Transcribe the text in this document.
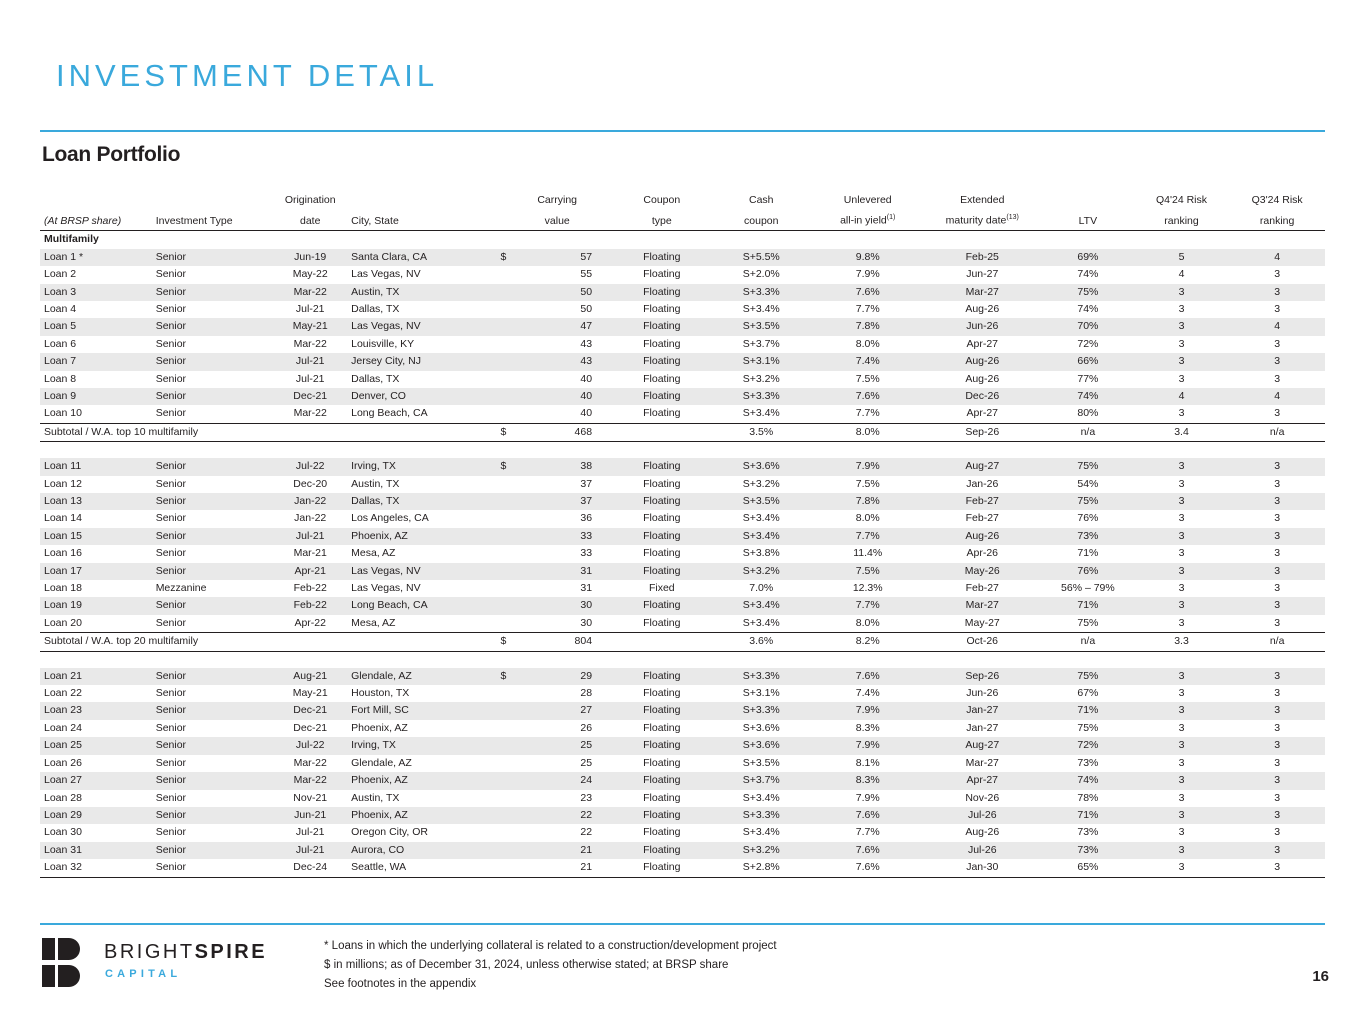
INVESTMENT DETAIL
Loan Portfolio
		Origination			Carrying	Coupon	Cash	Unlevered	Extended		Q4'24 Risk	Q3'24 Risk
(At BRSP share)	Investment Type	date	City, State		value	type	coupon	all-in yield$^{(1)}$	maturity date$^{(13)}$	LTV	ranking	ranking
Multifamily												
Loan 1 *	Senior	Jun-19	Santa Clara, CA	$	57	Floating	S+5.5%	9.8%	Feb-25	69%	5	4
Loan 2	Senior	May-22	Las Vegas, NV		55	Floating	S+2.0%	7.9%	Jun-27	74%	4	3
Loan 3	Senior	Mar-22	Austin, TX		50	Floating	S+3.3%	7.6%	Mar-27	75%	3	3
Loan 4	Senior	Jul-21	Dallas, TX		50	Floating	S+3.4%	7.7%	Aug-26	74%	3	3
Loan 5	Senior	May-21	Las Vegas, NV		47	Floating	S+3.5%	7.8%	Jun-26	70%	3	4
Loan 6	Senior	Mar-22	Louisville, KY		43	Floating	S+3.7%	8.0%	Apr-27	72%	3	3
Loan 7	Senior	Jul-21	Jersey City, NJ		43	Floating	S+3.1%	7.4%	Aug-26	66%	3	3
Loan 8	Senior	Jul-21	Dallas, TX		40	Floating	S+3.2%	7.5%	Aug-26	77%	3	3
Loan 9	Senior	Dec-21	Denver, CO		40	Floating	S+3.3%	7.6%	Dec-26	74%	4	4
Loan 10	Senior	Mar-22	Long Beach, CA		40	Floating	S+3.4%	7.7%	Apr-27	80%	3	3
Subtotal / W.A. top 10 multifamily				$	468		3.5%	8.0%	Sep-26	n/a	3.4	n/a

Loan 11	Senior	Jul-22	Irving, TX	$	38	Floating	S+3.6%	7.9%	Aug-27	75%	3	3
Loan 12	Senior	Dec-20	Austin, TX		37	Floating	S+3.2%	7.5%	Jan-26	54%	3	3
Loan 13	Senior	Jan-22	Dallas, TX		37	Floating	S+3.5%	7.8%	Feb-27	75%	3	3
Loan 14	Senior	Jan-22	Los Angeles, CA		36	Floating	S+3.4%	8.0%	Feb-27	76%	3	3
Loan 15	Senior	Jul-21	Phoenix, AZ		33	Floating	S+3.4%	7.7%	Aug-26	73%	3	3
Loan 16	Senior	Mar-21	Mesa, AZ		33	Floating	S+3.8%	11.4%	Apr-26	71%	3	3
Loan 17	Senior	Apr-21	Las Vegas, NV		31	Floating	S+3.2%	7.5%	May-26	76%	3	3
Loan 18	Mezzanine	Feb-22	Las Vegas, NV		31	Fixed	7.0%	12.3%	Feb-27	56% – 79%	3	3
Loan 19	Senior	Feb-22	Long Beach, CA		30	Floating	S+3.4%	7.7%	Mar-27	71%	3	3
Loan 20	Senior	Apr-22	Mesa, AZ		30	Floating	S+3.4%	8.0%	May-27	75%	3	3
Subtotal / W.A. top 20 multifamily				$	804		3.6%	8.2%	Oct-26	n/a	3.3	n/a

Loan 21	Senior	Aug-21	Glendale, AZ	$	29	Floating	S+3.3%	7.6%	Sep-26	75%	3	3
Loan 22	Senior	May-21	Houston, TX		28	Floating	S+3.1%	7.4%	Jun-26	67%	3	3
Loan 23	Senior	Dec-21	Fort Mill, SC		27	Floating	S+3.3%	7.9%	Jan-27	71%	3	3
Loan 24	Senior	Dec-21	Phoenix, AZ		26	Floating	S+3.6%	8.3%	Jan-27	75%	3	3
Loan 25	Senior	Jul-22	Irving, TX		25	Floating	S+3.6%	7.9%	Aug-27	72%	3	3
Loan 26	Senior	Mar-22	Glendale, AZ		25	Floating	S+3.5%	8.1%	Mar-27	73%	3	3
Loan 27	Senior	Mar-22	Phoenix, AZ		24	Floating	S+3.7%	8.3%	Apr-27	74%	3	3
Loan 28	Senior	Nov-21	Austin, TX		23	Floating	S+3.4%	7.9%	Nov-26	78%	3	3
Loan 29	Senior	Jun-21	Phoenix, AZ		22	Floating	S+3.3%	7.6%	Jul-26	71%	3	3
Loan 30	Senior	Jul-21	Oregon City, OR		22	Floating	S+3.4%	7.7%	Aug-26	73%	3	3
Loan 31	Senior	Jul-21	Aurora, CO		21	Floating	S+3.2%	7.6%	Jul-26	73%	3	3
Loan 32	Senior	Dec-24	Seattle, WA		21	Floating	S+2.8%	7.6%	Jan-30	65%	3	3
BRIGHTSPIRE
CAPITAL
* Loans in which the underlying collateral is related to a construction/development project
$ in millions; as of December 31, 2024, unless otherwise stated; at BRSP share
See footnotes in the appendix	16
